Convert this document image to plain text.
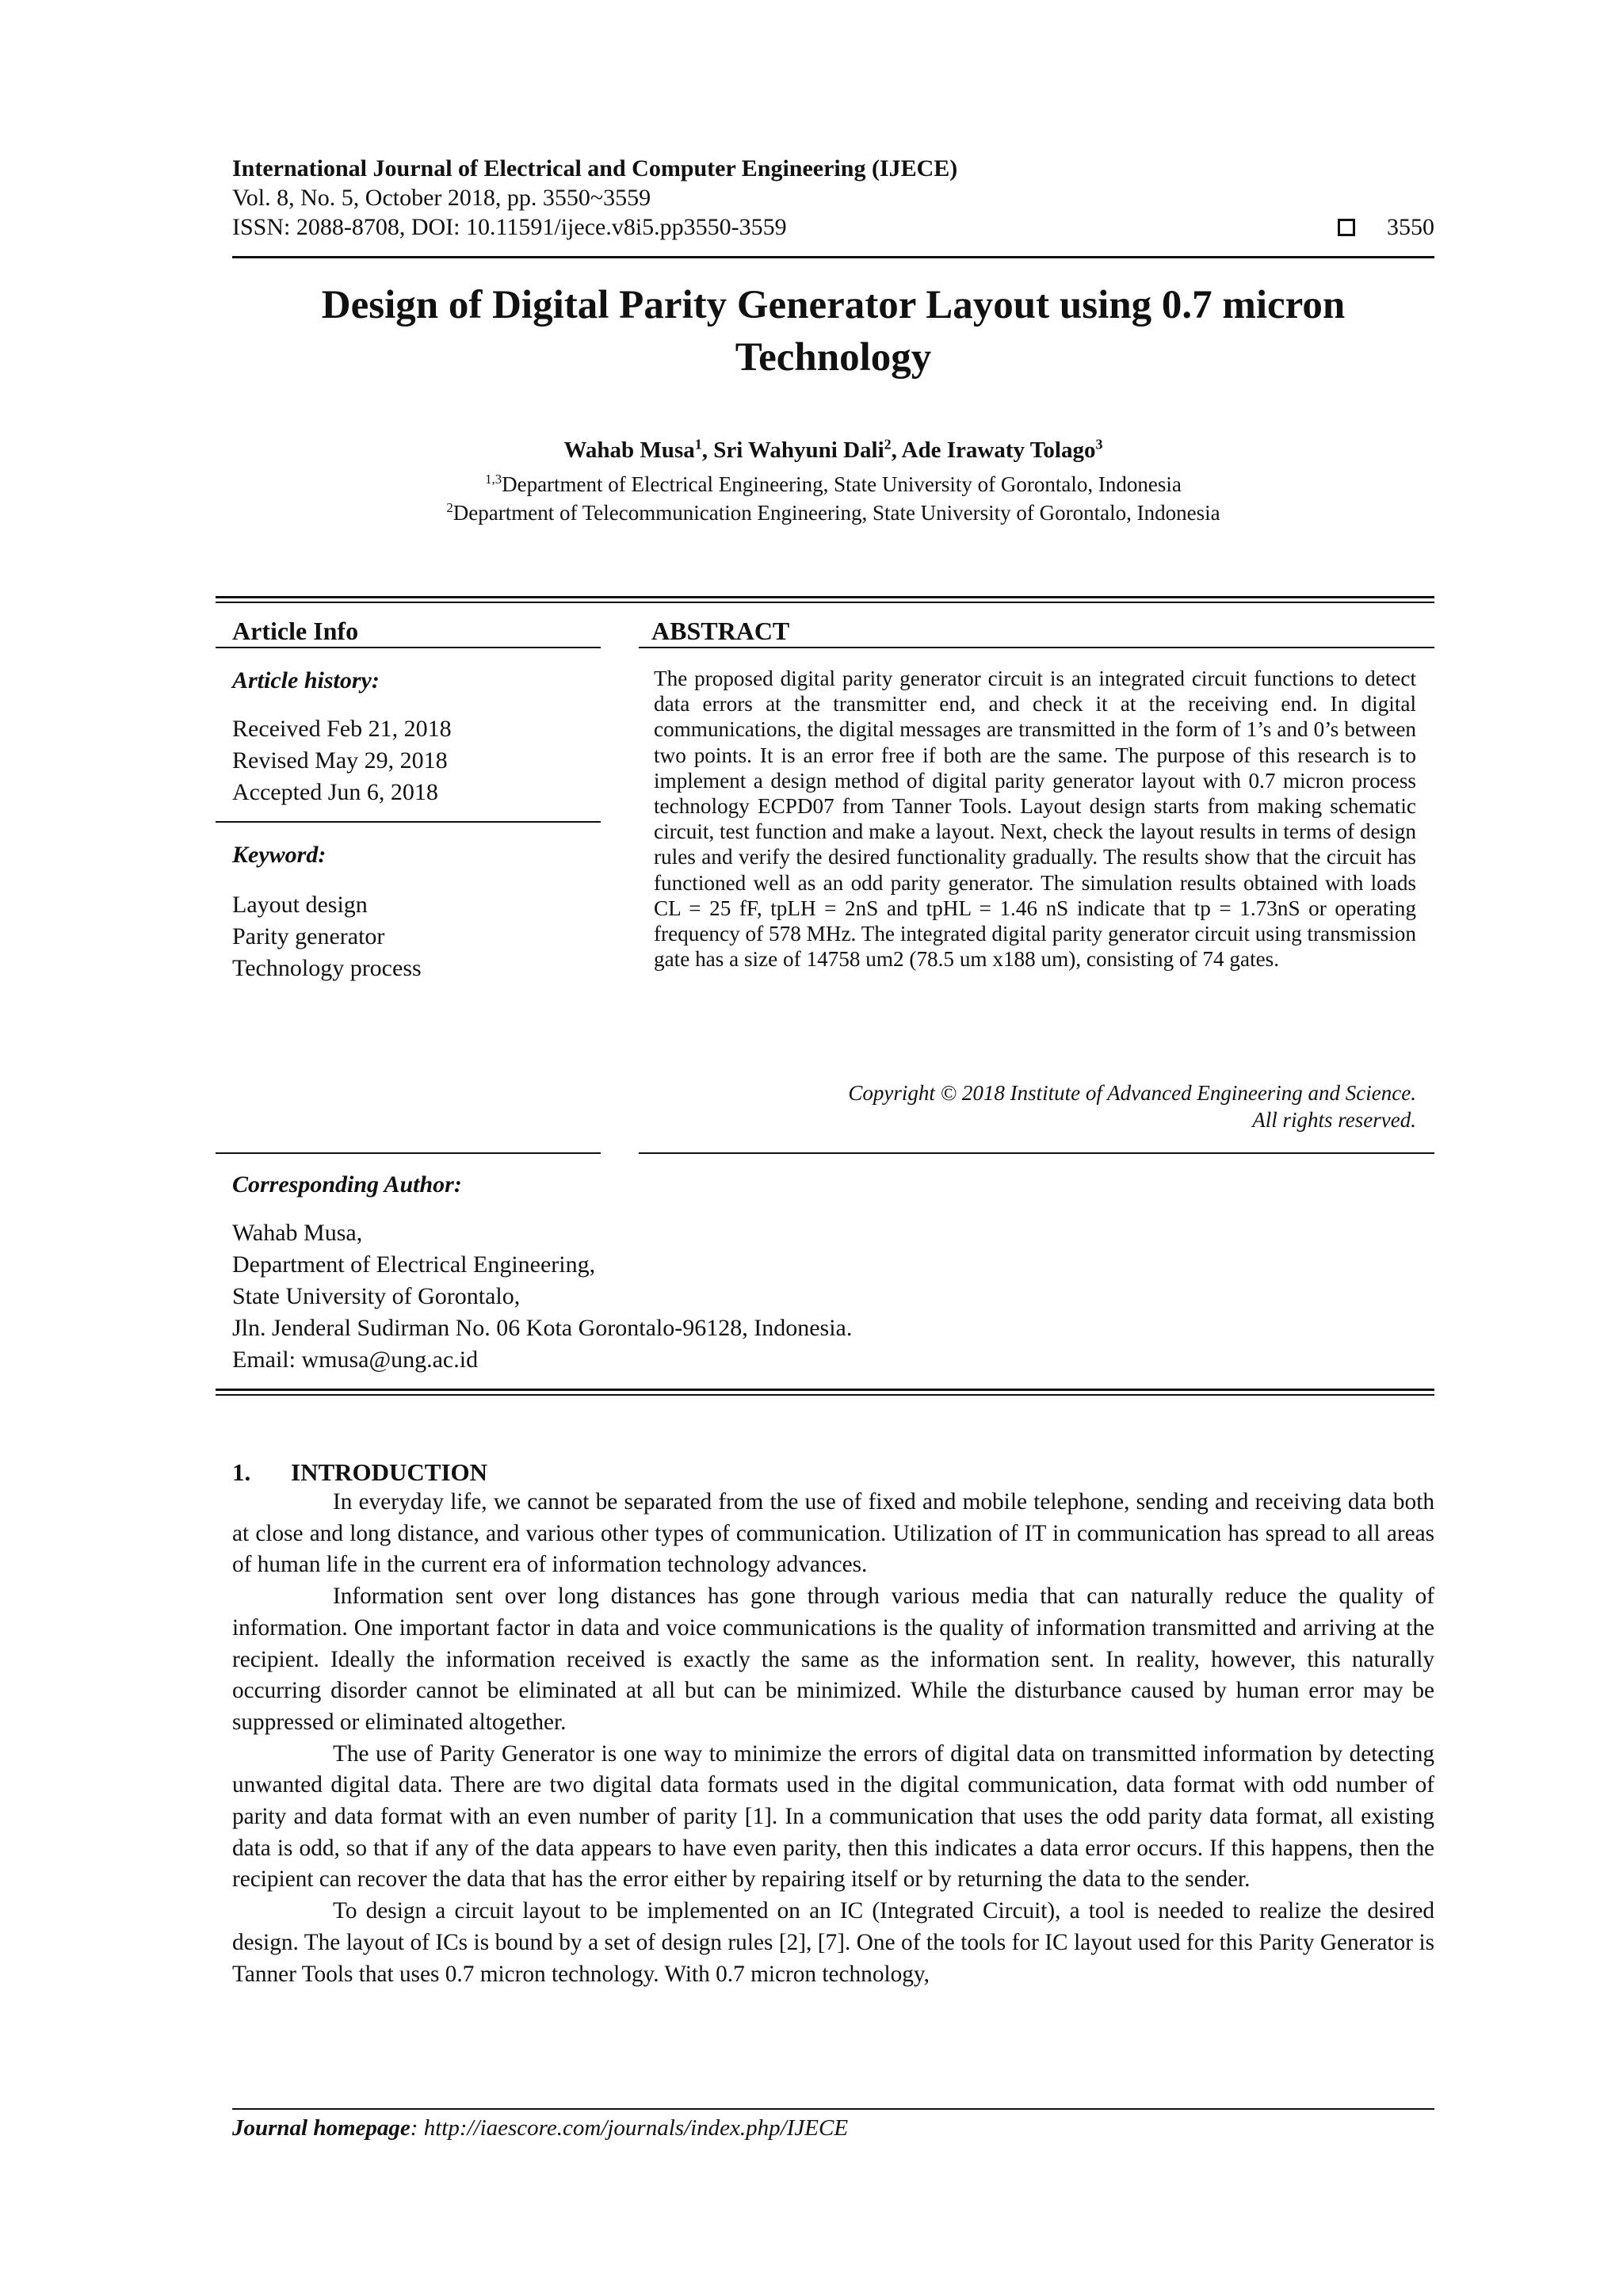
International Journal of Electrical and Computer Engineering (IJECE)
Vol. 8, No. 5, October 2018, pp. 3550~3559
ISSN: 2088-8708, DOI: 10.11591/ijece.v8i5.pp3550-3559	3550
Design of Digital Parity Generator Layout using 0.7 micron
Technology
Wahab Musa$^1$, Sri Wahyuni Dali$^2$, Ade Irawaty Tolago$^3$
$^{1,3}$Department of Electrical Engineering, State University of Gorontalo, Indonesia
$^2$Department of Telecommunication Engineering, State University of Gorontalo, Indonesia
Article Info
Article history:
Received Feb 21, 2018
Revised May 29, 2018
Accepted Jun 6, 2018
Keyword:
Layout design
Parity generator
Technology process
ABSTRACT
The proposed digital parity generator circuit is an integrated circuit functions to detect data errors at the transmitter end, and check it at the receiving end. In digital communications, the digital messages are transmitted in the form of 1’s and 0’s between two points. It is an error free if both are the same. The purpose of this research is to implement a design method of digital parity generator layout with 0.7 micron process technology ECPD07 from Tanner Tools. Layout design starts from making schematic circuit, test function and make a layout. Next, check the layout results in terms of design rules and verify the desired functionality gradually. The results show that the circuit has functioned well as an odd parity generator. The simulation results obtained with loads CL = 25 fF, tpLH = 2nS and tpHL = 1.46 nS indicate that tp = 1.73nS or operating frequency of 578 MHz. The integrated digital parity generator circuit using transmission gate has a size of 14758 um2 (78.5 um x188 um), consisting of 74 gates.
Copyright © 2018 Institute of Advanced Engineering and Science.
All rights reserved.
Corresponding Author:
Wahab Musa,
Department of Electrical Engineering,
State University of Gorontalo,
Jln. Jenderal Sudirman No. 06 Kota Gorontalo-96128, Indonesia.
Email: wmusa@ung.ac.id
1. INTRODUCTION

In everyday life, we cannot be separated from the use of fixed and mobile telephone, sending and receiving data both at close and long distance, and various other types of communication. Utilization of IT in communication has spread to all areas of human life in the current era of information technology advances.

Information sent over long distances has gone through various media that can naturally reduce the quality of information. One important factor in data and voice communications is the quality of information transmitted and arriving at the recipient. Ideally the information received is exactly the same as the information sent. In reality, however, this naturally occurring disorder cannot be eliminated at all but can be minimized. While the disturbance caused by human error may be suppressed or eliminated altogether.

The use of Parity Generator is one way to minimize the errors of digital data on transmitted information by detecting unwanted digital data. There are two digital data formats used in the digital communication, data format with odd number of parity and data format with an even number of parity [1]. In a communication that uses the odd parity data format, all existing data is odd, so that if any of the data appears to have even parity, then this indicates a data error occurs. If this happens, then the recipient can recover the data that has the error either by repairing itself or by returning the data to the sender.

To design a circuit layout to be implemented on an IC (Integrated Circuit), a tool is needed to realize the desired design. The layout of ICs is bound by a set of design rules [2], [7]. One of the tools for IC layout used for this Parity Generator is Tanner Tools that uses 0.7 micron technology. With 0.7 micron technology,

Journal homepage: http://iaescore.com/journals/index.php/IJECE
